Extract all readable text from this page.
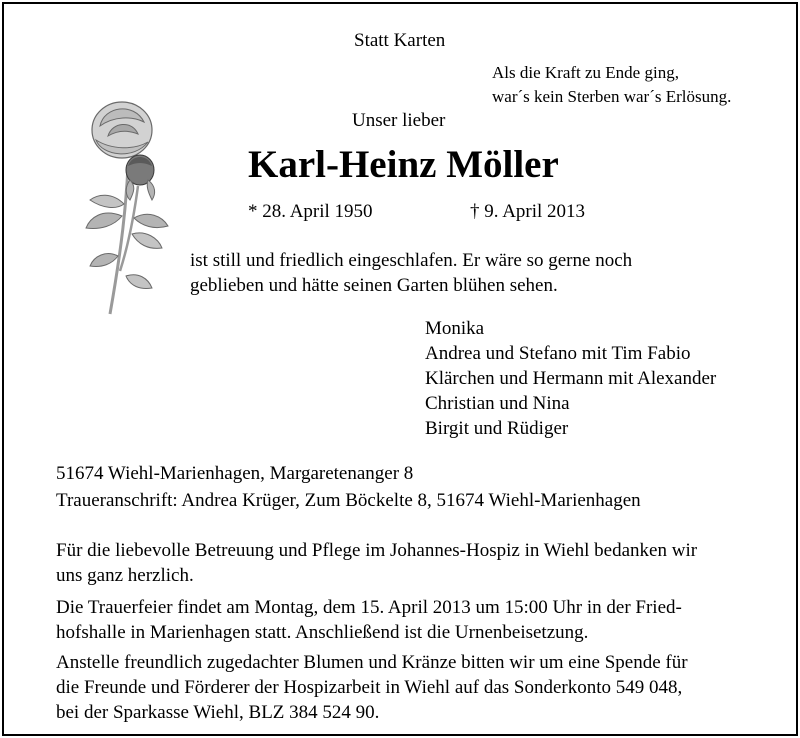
Statt Karten
Als die Kraft zu Ende ging,
war´s kein Sterben war´s Erlösung.
Unser lieber
Karl-Heinz Möller
* 28. April 1950	† 9. April 2013
ist still und friedlich eingeschlafen. Er wäre so gerne noch
geblieben und hätte seinen Garten blühen sehen.
Monika
Andrea und Stefano mit Tim Fabio
Klärchen und Hermann mit Alexander
Christian und Nina
Birgit und Rüdiger
51674 Wiehl-Marienhagen, Margaretenanger 8
Traueranschrift: Andrea Krüger, Zum Böckelte 8, 51674 Wiehl-Marienhagen
Für die liebevolle Betreuung und Pflege im Johannes-Hospiz in Wiehl bedanken wir
uns ganz herzlich.
Die Trauerfeier findet am Montag, dem 15. April 2013 um 15:00 Uhr in der Fried-
hofshalle in Marienhagen statt. Anschließend ist die Urnenbeisetzung.
Anstelle freundlich zugedachter Blumen und Kränze bitten wir um eine Spende für
die Freunde und Förderer der Hospizarbeit in Wiehl auf das Sonderkonto 549 048,
bei der Sparkasse Wiehl, BLZ 384 524 90.
